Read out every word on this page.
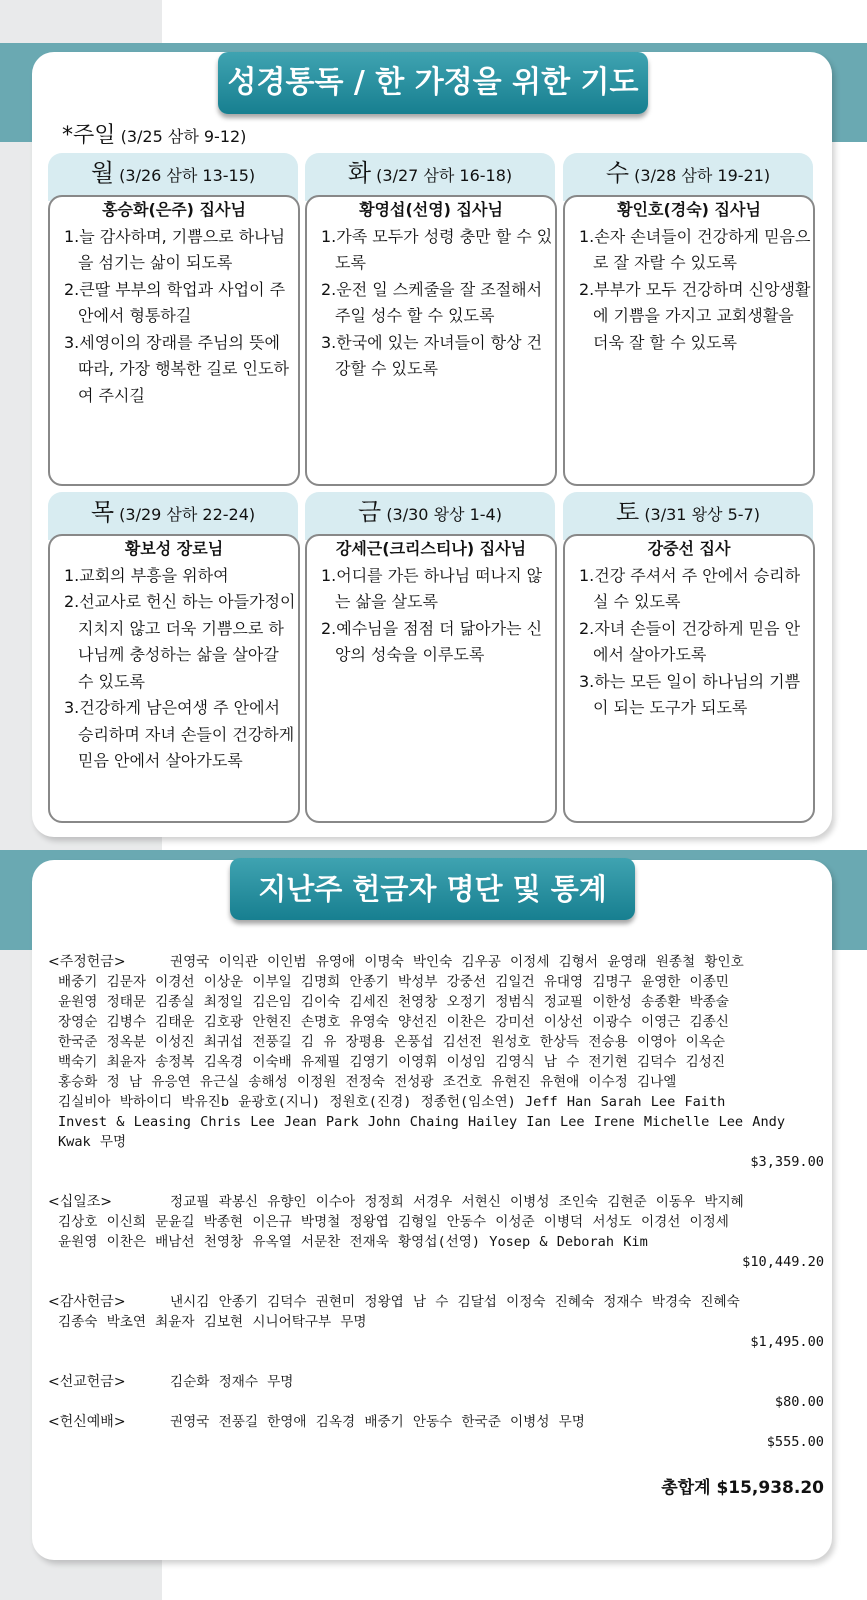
성경통독 / 한 가정을 위한 기도
*주일 (3/25 삼하 9-12)
월 (3/26 삼하 13-15)
홍승화(은주) 집사님
1.늘 감사하며, 기쁨으로 하나님을 섬기는 삶이 되도록
2.큰딸 부부의 학업과 사업이 주안에서 형통하길
3.세영이의 장래를 주님의 뜻에 따라, 가장 행복한 길로 인도하여 주시길
화 (3/27 삼하 16-18)
황영섭(선영) 집사님
1.가족 모두가 성령 충만 할 수 있도록
2.운전 일 스케줄을 잘 조절해서 주일 성수 할 수 있도록
3.한국에 있는 자녀들이 항상 건강할 수 있도록
수 (3/28 삼하 19-21)
황인호(경숙) 집사님
1.손자 손녀들이 건강하게 믿음으로 잘 자랄 수 있도록
2.부부가 모두 건강하며 신앙생활에 기쁨을 가지고 교회생활을 더욱 잘 할 수 있도록
목 (3/29 삼하 22-24)
황보성 장로님
1.교회의 부흥을 위하여
2.선교사로 헌신 하는 아들가정이 지치지 않고 더욱 기쁨으로 하나님께 충성하는 삶을 살아갈 수 있도록
3.건강하게 남은여생 주 안에서 승리하며 자녀 손들이 건강하게 믿음 안에서 살아가도록
금 (3/30 왕상 1-4)
강세근(크리스티나) 집사님
1.어디를 가든 하나님 떠나지 않는 삶을 살도록
2.예수님을 점점 더 닮아가는 신앙의 성숙을 이루도록
토 (3/31 왕상 5-7)
강중선 집사
1.건강 주셔서 주 안에서 승리하실 수 있도록
2.자녀 손들이 건강하게 믿음 안에서 살아가도록
3.하는 모든 일이 하나님의 기쁨이 되는 도구가 되도록
지난주 헌금자 명단 및 통계
<주정헌금>	권영국 이익관 이인범 유영애 이명숙 박인숙 김우공 이정세 김형서 윤영래 원종철 황인호
배중기 김문자 이경선 이상운 이부일 김명희 안종기 박성부 강중선 김일건 유대영 김명구 윤영한 이종민
윤원영 정태문 김종실 최정일 김은임 김이숙 김세진 천영창 오정기 정범식 정교필 이한성 송종환 박종술
장영순 김병수 김태운 김호광 안현진 손명호 유영숙 양선진 이찬은 강미선 이상선 이광수 이영근 김종신
한국준 정옥분 이성진 최귀섭 전풍길 김 유 장평용 온풍섭 김선전 원성호 한상득 전승용 이영아 이옥순
백숙기 최윤자 송정복 김옥경 이숙배 유제필 김영기 이영휘 이성임 김영식 남 수 전기현 김덕수 김성진
홍승화 정 남 유응연 유근실 송해성 이정원 전정숙 전성광 조건호 유현진 유현애 이수정 김나엘
김실비아 박하이디 박유진b 윤광호(지니) 정원호(진경) 정종헌(임소연) Jeff Han Sarah Lee Faith
Invest & Leasing Chris Lee Jean Park John Chaing Hailey Ian Lee Irene Michelle Lee Andy
Kwak 무명
$3,359.00
<십일조>	정교필 곽봉신 유향인 이수아 정정희 서경우 서현신 이병성 조인숙 김현준 이동우 박지혜
김상호 이신희 문윤길 박종현 이은규 박명철 정왕엽 김형일 안동수 이성준 이병덕 서성도 이경선 이정세
윤원영 이찬은 배남선 천영창 유옥열 서문찬 전재욱 황영섭(선영) Yosep & Deborah Kim
$10,449.20
<감사헌금>	낸시김 안종기 김덕수 권현미 정왕엽 남 수 김달섭 이정숙 진혜숙 정재수 박경숙 진혜숙
김종숙 박초연 최윤자 김보현 시니어탁구부 무명
$1,495.00
<선교헌금>	김순화 정재수 무명
$80.00
<헌신예배>	권영국 전풍길 한영애 김옥경 배중기 안동수 한국준 이병성 무명
$555.00
총합계 $15,938.20
